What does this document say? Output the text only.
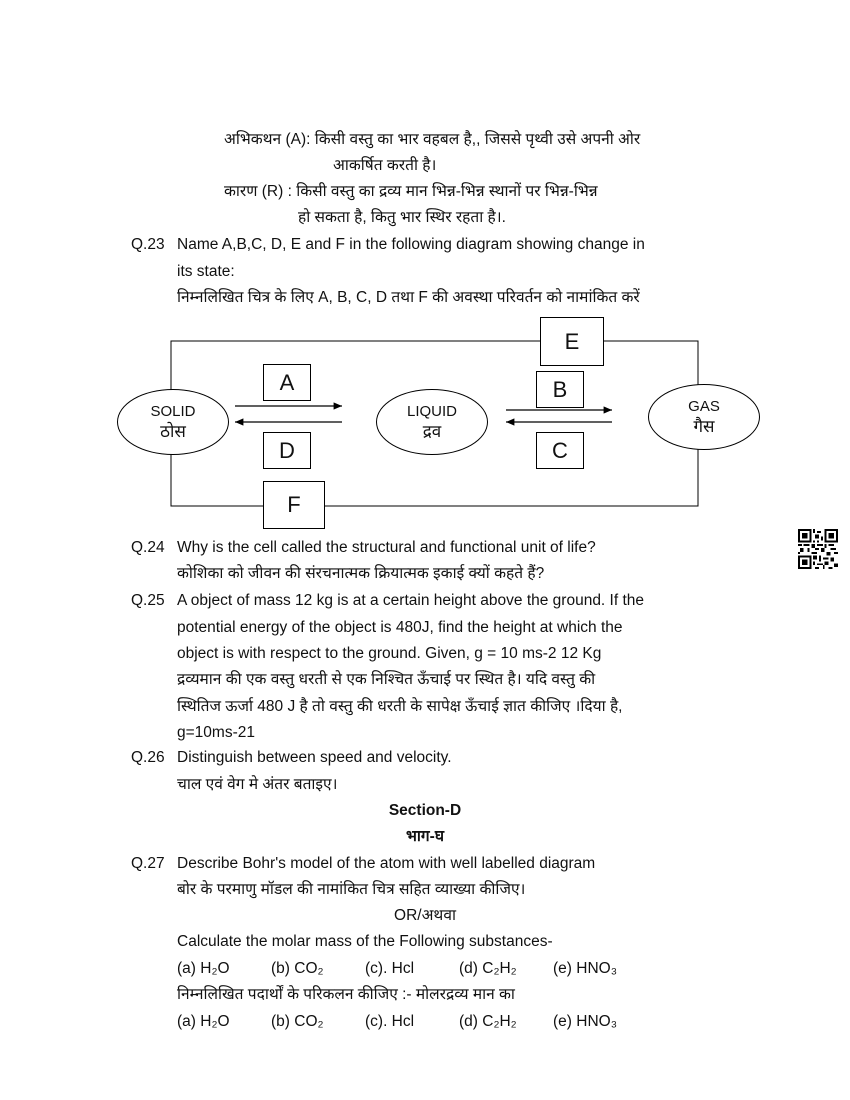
अभिकथन (A): किसी वस्तु का भार वहबल है,, जिससे पृथ्वी उसे अपनी ओर
आकर्षित करती है।
कारण (R) : किसी वस्तु का द्रव्य मान भिन्न-भिन्न स्थानों पर भिन्न-भिन्न
हो सकता है, कितु भार स्थिर रहता है।.
Q.23 Name A,B,C, D, E and F in the following diagram showing change in
its state:
निम्नलिखित चित्र के लिए A, B, C, D तथा F की अवस्था परिवर्तन को नामांकित करें
SOLID
ठोस
LIQUID
द्रव
GAS
गैस
E
A	B
D	C
F
Q.24 Why is the cell called the structural and functional unit of life?
कोशिका को जीवन की संरचनात्मक क्रियात्मक इकाई क्यों कहते हैं?
Q.25 A object of mass 12 kg is at a certain height above the ground. If the
potential energy of the object is 480J, find the height at which the
object is with respect to the ground. Given, g = 10 ms-2 12 Kg
द्रव्यमान की एक वस्तु धरती से एक निश्चित ऊँचाई पर स्थित है। यदि वस्तु की
स्थितिज ऊर्जा 480 J है तो वस्तु की धरती के सापेक्ष ऊँचाई ज्ञात कीजिए ।दिया है,
g=10ms-21
Q.26 Distinguish between speed and velocity.
चाल एवं वेग मे अंतर बताइए।
Section-D
भाग-घ
Q.27 Describe Bohr's model of the atom with well labelled diagram
बोर के परमाणु मॉडल की नामांकित चित्र सहित व्याख्या कीजिए।
OR/अथवा
Calculate the molar mass of the Following substances-
(a) H₂O	(b) CO₂	(c). Hcl	(d) C₂H₂ (e) HNO₃
निम्नलिखित पदार्थों के परिकलन कीजिए :- मोलरद्रव्य मान का
(a) H₂O	(b) CO₂	(c). Hcl	(d) C₂H₂ (e) HNO₃
